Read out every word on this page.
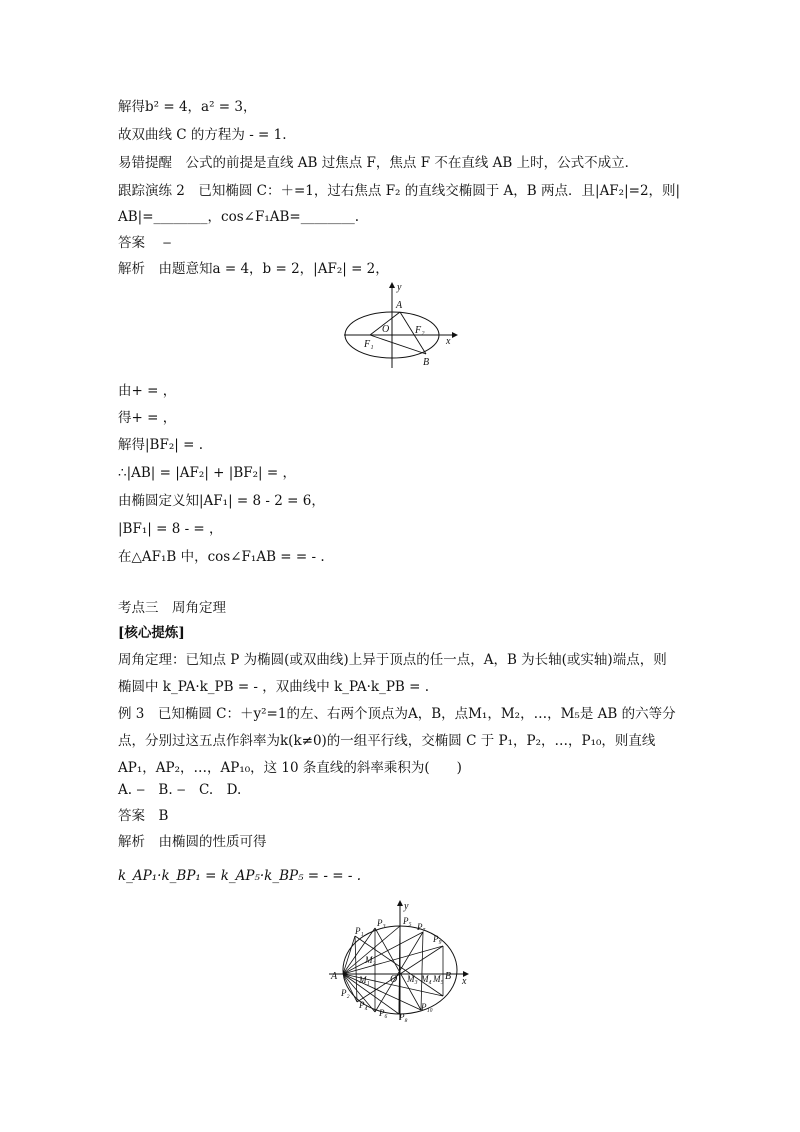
解得b² = 4，a² = 3，
故双曲线 C 的方程为 - = 1.
易错提醒　公式的前提是直线 AB 过焦点 F，焦点 F 不在直线 AB 上时，公式不成立．
跟踪演练 2　已知椭圆 C：＋=1，过右焦点 F₂ 的直线交椭圆于 A，B 两点．且|AF₂|=2，则|
AB|=________，cos∠F₁AB=________.
答案　 ‒
解析　由题意知a = 4，b = 2，|AF₂| = 2，
y
x
O
A
B
F₁
F₂
由+ = ，
得+ = ，
解得|BF₂| = .
∴|AB| = |AF₂| + |BF₂| = ，
由椭圆定义知|AF₁| = 8 - 2 = 6，
|BF₁| = 8 - = ，
在△AF₁B 中，cos∠F₁AB = = - .
考点三　周角定理
[核心提炼]
周角定理：已知点 P 为椭圆(或双曲线)上异于顶点的任一点，A，B 为长轴(或实轴)端点，则
椭圆中 k_PA·k_PB = - ，双曲线中 k_PA·k_PB = .
例 3　已知椭圆 C：＋y²=1的左、右两个顶点为A，B，点M₁，M₂，…，M₅是 AB 的六等分
点，分别过这五点作斜率为k(k≠0)的一组平行线，交椭圆 C 于 P₁，P₂，…，P₁₀，则直线
AP₁，AP₂，…，AP₁₀，这 10 条直线的斜率乘积为(　　)
A. ‒　B. ‒　C.　D.
答案　B
解析　由椭圆的性质可得
k_AP₁·k_BP₁ = k_AP₅·k_BP₅ = - = - .
y
x
A	B
O
P₁
P₃ P₅
P₇
P₉
P₂
P₄
P₆ P₈
P₁₀
M₁
M₂
M₃ M₄ M₅
